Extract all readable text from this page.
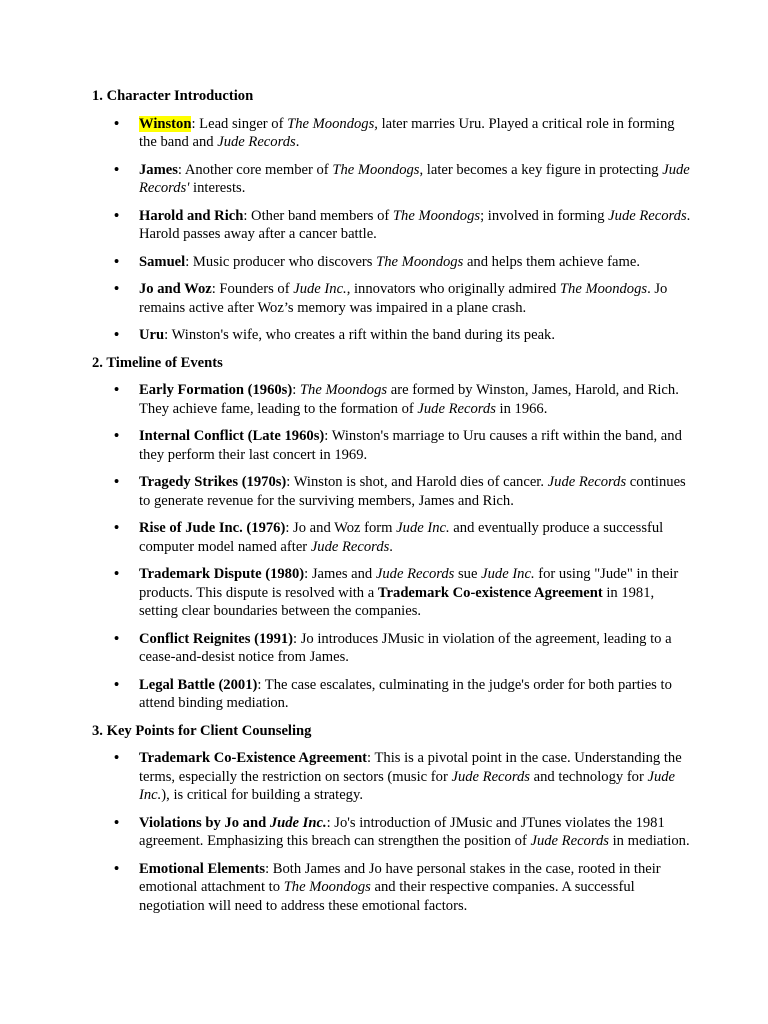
1. Character Introduction
• Winston: Lead singer of The Moondogs, later marries Uru. Played a critical role in forming the band and Jude Records.
• James: Another core member of The Moondogs, later becomes a key figure in protecting Jude Records' interests.
• Harold and Rich: Other band members of The Moondogs; involved in forming Jude Records. Harold passes away after a cancer battle.
• Samuel: Music producer who discovers The Moondogs and helps them achieve fame.
• Jo and Woz: Founders of Jude Inc., innovators who originally admired The Moondogs. Jo remains active after Woz’s memory was impaired in a plane crash.
• Uru: Winston's wife, who creates a rift within the band during its peak.
2. Timeline of Events
• Early Formation (1960s): The Moondogs are formed by Winston, James, Harold, and Rich. They achieve fame, leading to the formation of Jude Records in 1966.
• Internal Conflict (Late 1960s): Winston's marriage to Uru causes a rift within the band, and they perform their last concert in 1969.
• Tragedy Strikes (1970s): Winston is shot, and Harold dies of cancer. Jude Records continues to generate revenue for the surviving members, James and Rich.
• Rise of Jude Inc. (1976): Jo and Woz form Jude Inc. and eventually produce a successful computer model named after Jude Records.
• Trademark Dispute (1980): James and Jude Records sue Jude Inc. for using "Jude" in their products. This dispute is resolved with a Trademark Co-existence Agreement in 1981, setting clear boundaries between the companies.
• Conflict Reignites (1991): Jo introduces JMusic in violation of the agreement, leading to a cease-and-desist notice from James.
• Legal Battle (2001): The case escalates, culminating in the judge's order for both parties to attend binding mediation.
3. Key Points for Client Counseling
• Trademark Co-Existence Agreement: This is a pivotal point in the case. Understanding the terms, especially the restriction on sectors (music for Jude Records and technology for Jude Inc.), is critical for building a strategy.
• Violations by Jo and Jude Inc.: Jo's introduction of JMusic and JTunes violates the 1981 agreement. Emphasizing this breach can strengthen the position of Jude Records in mediation.
• Emotional Elements: Both James and Jo have personal stakes in the case, rooted in their emotional attachment to The Moondogs and their respective companies. A successful negotiation will need to address these emotional factors.
